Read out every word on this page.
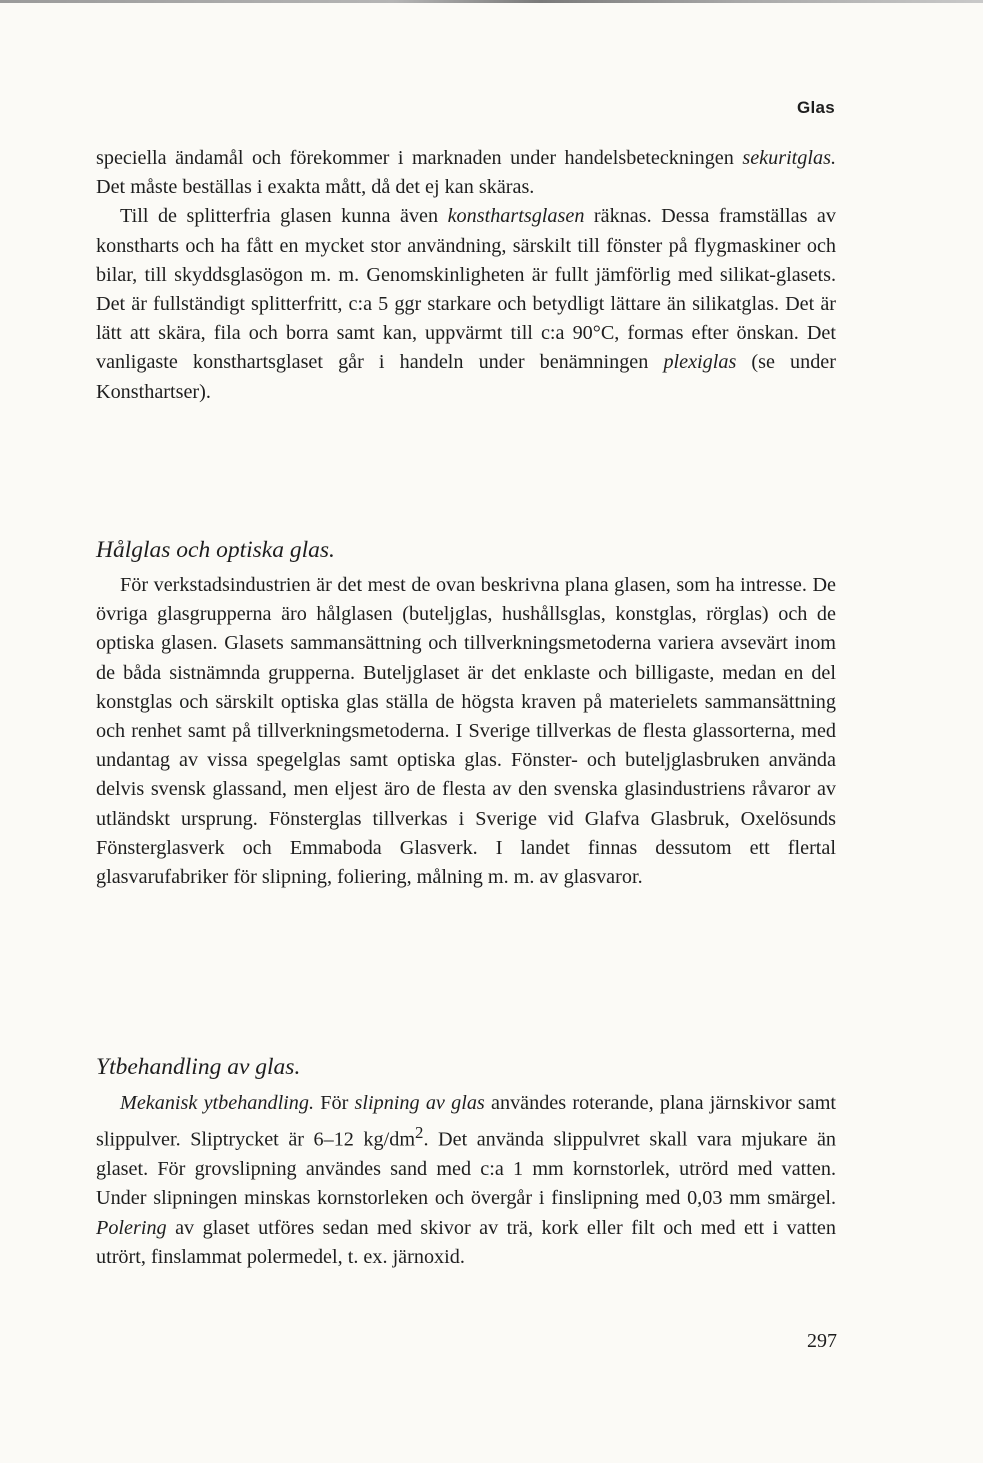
Glas

speciella ändamål och förekommer i marknaden under handelsbeteckningen sekuritglas. Det måste beställas i exakta mått, då det ej kan skäras.

Till de splitterfria glasen kunna även konsthartsglasen räknas. Dessa framställas av konstharts och ha fått en mycket stor användning, särskilt till fönster på flygmaskiner och bilar, till skyddsglasögon m. m. Genomskinligheten är fullt jämförlig med silikat-glasets. Det är fullständigt splitterfritt, c:a 5 ggr starkare och betydligt lättare än silikatglas. Det är lätt att skära, fila och borra samt kan, uppvärmt till c:a 90°C, formas efter önskan. Det vanligaste konsthartsglaset går i handeln under benämningen plexiglas (se under Konsthartser).

Hålglas och optiska glas.

För verkstadsindustrien är det mest de ovan beskrivna plana glasen, som ha intresse. De övriga glasgrupperna äro hålglasen (buteljglas, hushållsglas, konstglas, rörglas) och de optiska glasen. Glasets sammansättning och tillverkningsmetoderna variera avsevärt inom de båda sistnämnda grupperna. Buteljglaset är det enklaste och billigaste, medan en del konstglas och särskilt optiska glas ställa de högsta kraven på materielets sammansättning och renhet samt på tillverkningsmetoderna. I Sverige tillverkas de flesta glassorterna, med undantag av vissa spegelglas samt optiska glas. Fönster- och buteljglasbruken använda delvis svensk glassand, men eljest äro de flesta av den svenska glasindustriens råvaror av utländskt ursprung. Fönsterglas tillverkas i Sverige vid Glafva Glasbruk, Oxelösunds Fönsterglasverk och Emmaboda Glasverk. I landet finnas dessutom ett flertal glasvarufabriker för slipning, foliering, målning m. m. av glasvaror.

Ytbehandling av glas.

Mekanisk ytbehandling. För slipning av glas användes roterande, plana järnskivor samt slippulver. Sliptrycket är 6–12 $kg/dm^2$. Det använda slippulvret skall vara mjukare än glaset. För grovslipning användes sand med c:a 1 mm kornstorlek, utrörd med vatten. Under slipningen minskas kornstorleken och övergår i finslipning med 0,03 mm smärgel. Polering av glaset utföres sedan med skivor av trä, kork eller filt och med ett i vatten utrört, finslammat polermedel, t. ex. järnoxid.

297
